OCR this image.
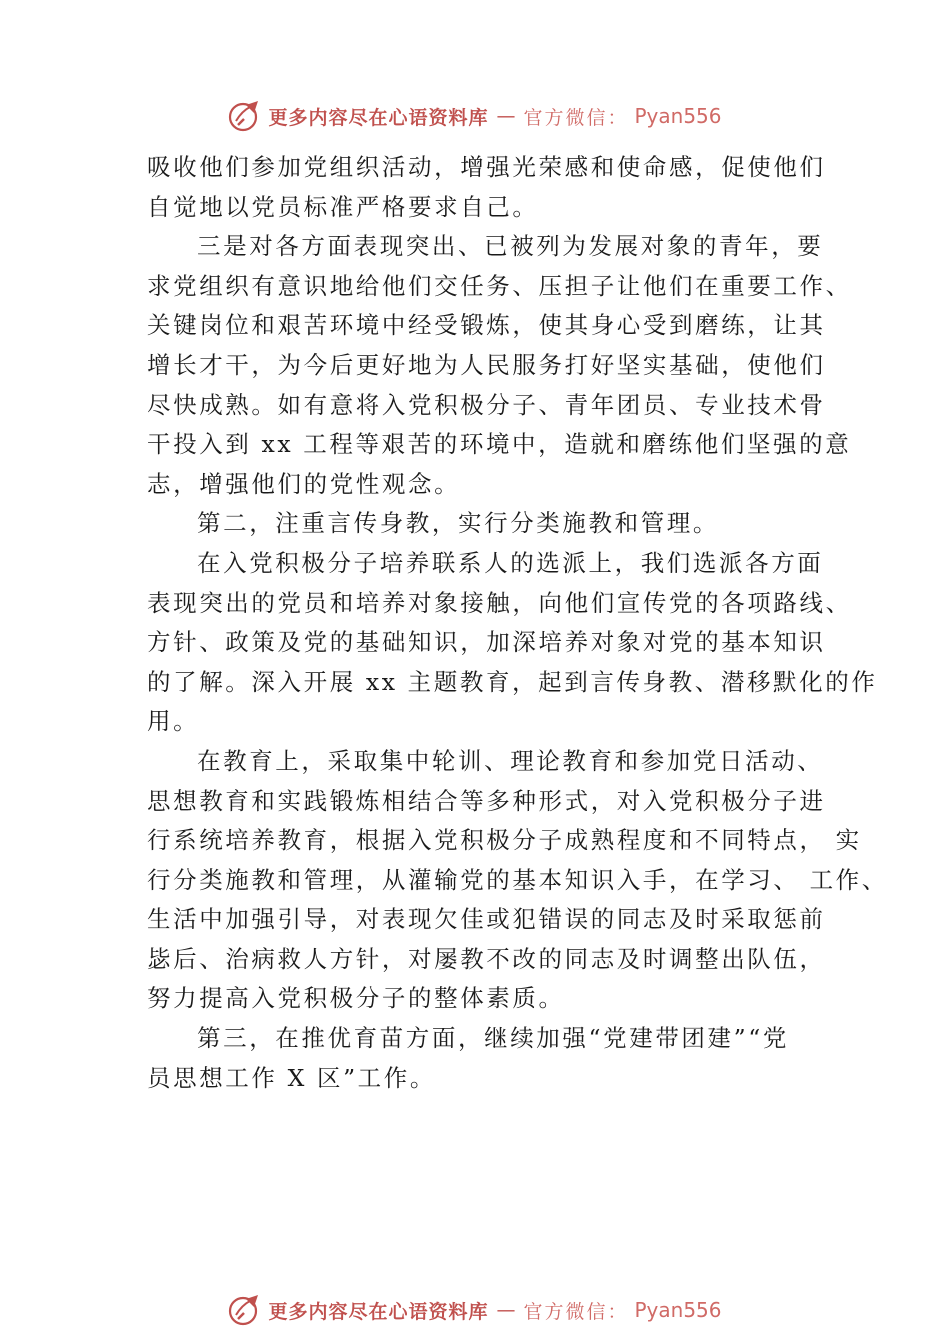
更多内容尽在心语资料库 — 官方微信： Pyan556
吸收他们参加党组织活动，增强光荣感和使命感，促使他们
自觉地以党员标准严格要求自己。
三是对各方面表现突出、已被列为发展对象的青年，要
求党组织有意识地给他们交任务、压担子让他们在重要工作、
关键岗位和艰苦环境中经受锻炼，使其身心受到磨练，让其
增长才干，为今后更好地为人民服务打好坚实基础，使他们
尽快成熟。如有意将入党积极分子、青年团员、专业技术骨
干投入到 xx 工程等艰苦的环境中，造就和磨练他们坚强的意
志，增强他们的党性观念。
第二，注重言传身教，实行分类施教和管理。
在入党积极分子培养联系人的选派上，我们选派各方面
表现突出的党员和培养对象接触，向他们宣传党的各项路线、
方针、政策及党的基础知识，加深培养对象对党的基本知识
的了解。深入开展 xx 主题教育，起到言传身教、潜移默化的作
用。
在教育上，采取集中轮训、理论教育和参加党日活动、
思想教育和实践锻炼相结合等多种形式，对入党积极分子进
行系统培养教育，根据入党积极分子成熟程度和不同特点， 实
行分类施教和管理，从灌输党的基本知识入手，在学习、 工作、
生活中加强引导，对表现欠佳或犯错误的同志及时采取惩前
毖后、治病救人方针，对屡教不改的同志及时调整出队伍，
努力提高入党积极分子的整体素质。
第三，在推优育苗方面，继续加强“党建带团建”“党
员思想工作 X 区”工作。
更多内容尽在心语资料库 — 官方微信： Pyan556
